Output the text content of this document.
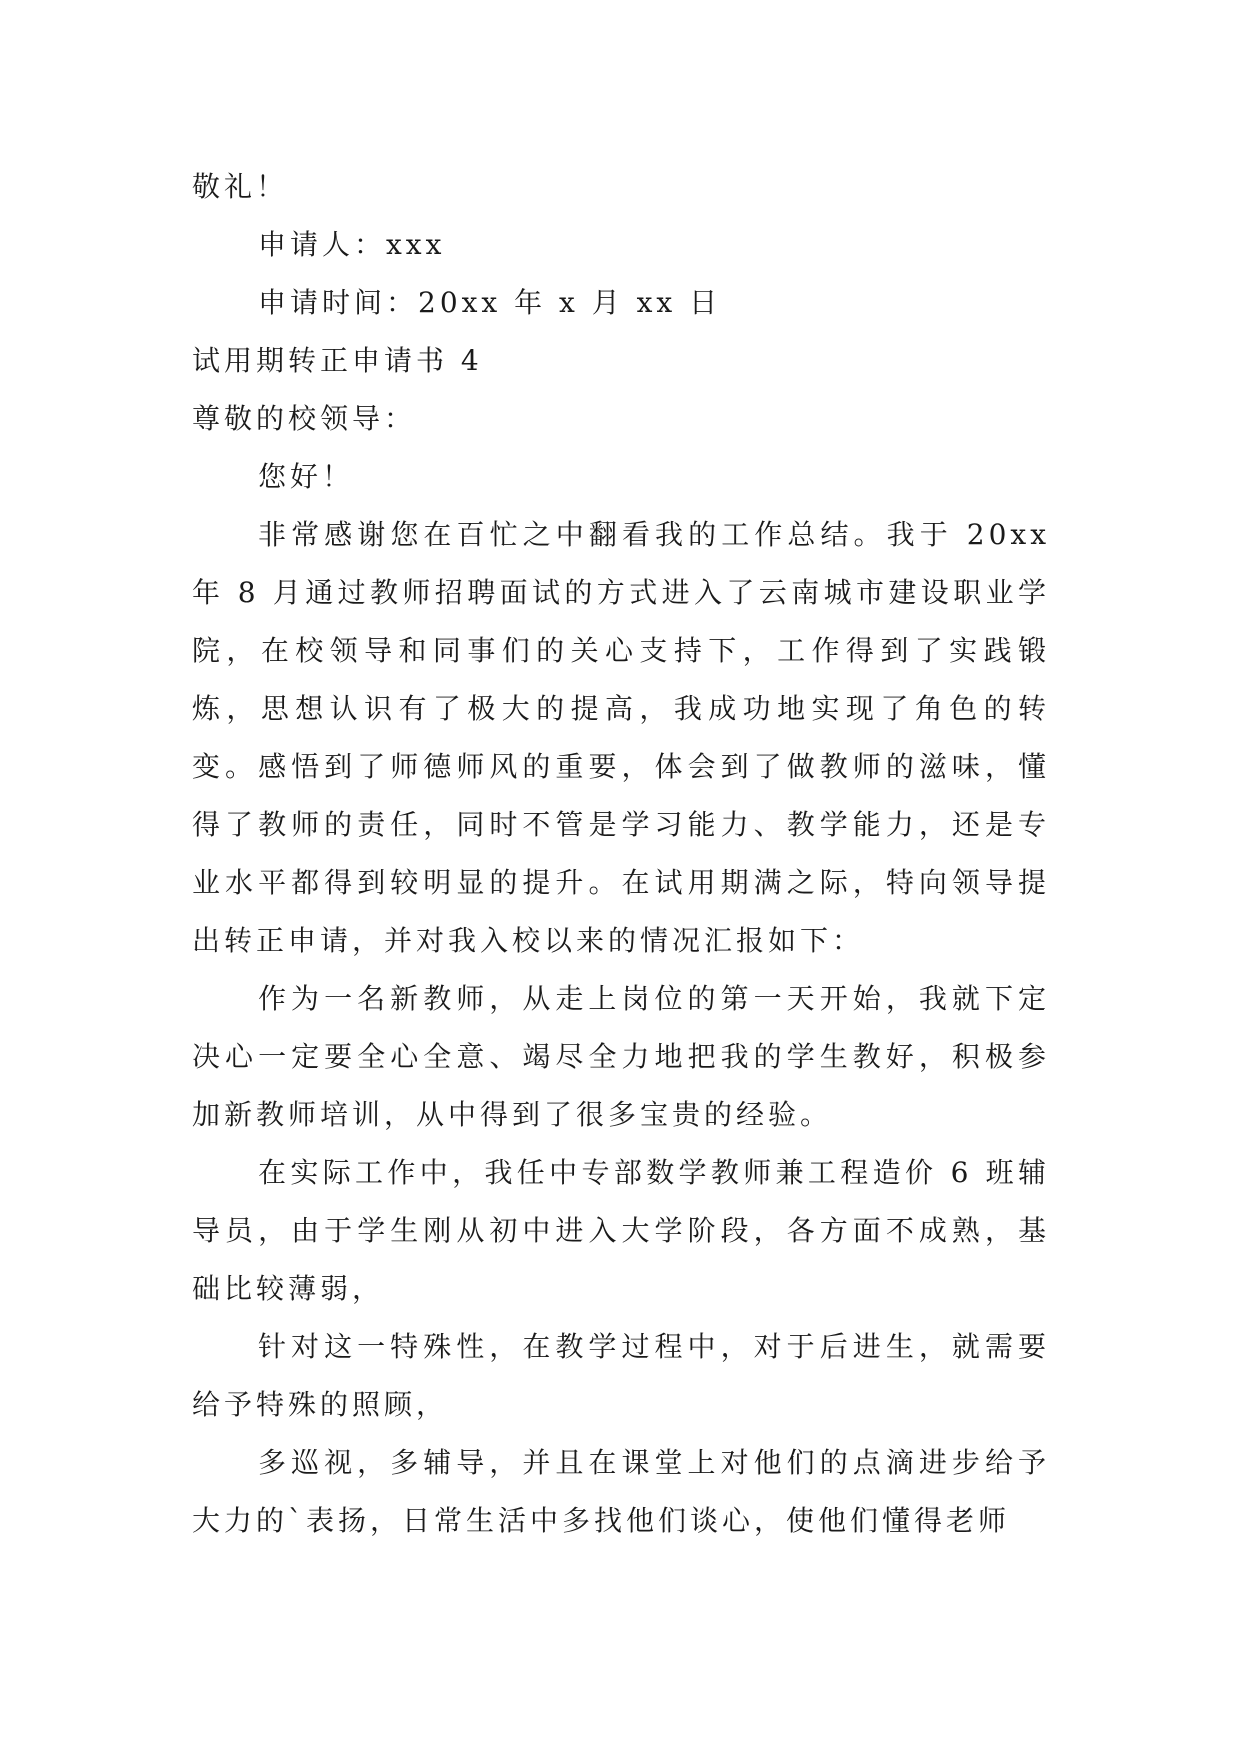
敬礼！
申请人：xxx
申请时间：20xx 年 x 月 xx 日
试用期转正申请书 4
尊敬的校领导：
您好！

非常感谢您在百忙之中翻看我的工作总结。我于 20xx 年 8 月通过教师招聘面试的方式进入了云南城市建设职业学院，在校领导和同事们的关心支持下，工作得到了实践锻炼，思想认识有了极大的提高，我成功地实现了角色的转变。感悟到了师德师风的重要，体会到了做教师的滋味，懂得了教师的责任，同时不管是学习能力、教学能力，还是专业水平都得到较明显的提升。在试用期满之际，特向领导提出转正申请，并对我入校以来的情况汇报如下：

作为一名新教师，从走上岗位的第一天开始，我就下定决心一定要全心全意、竭尽全力地把我的学生教好，积极参加新教师培训，从中得到了很多宝贵的经验。

在实际工作中，我任中专部数学教师兼工程造价 6 班辅导员，由于学生刚从初中进入大学阶段，各方面不成熟，基础比较薄弱，

针对这一特殊性，在教学过程中，对于后进生，就需要给予特殊的照顾，

多巡视，多辅导，并且在课堂上对他们的点滴进步给予大力的`表扬，日常生活中多找他们谈心，使他们懂得老师
